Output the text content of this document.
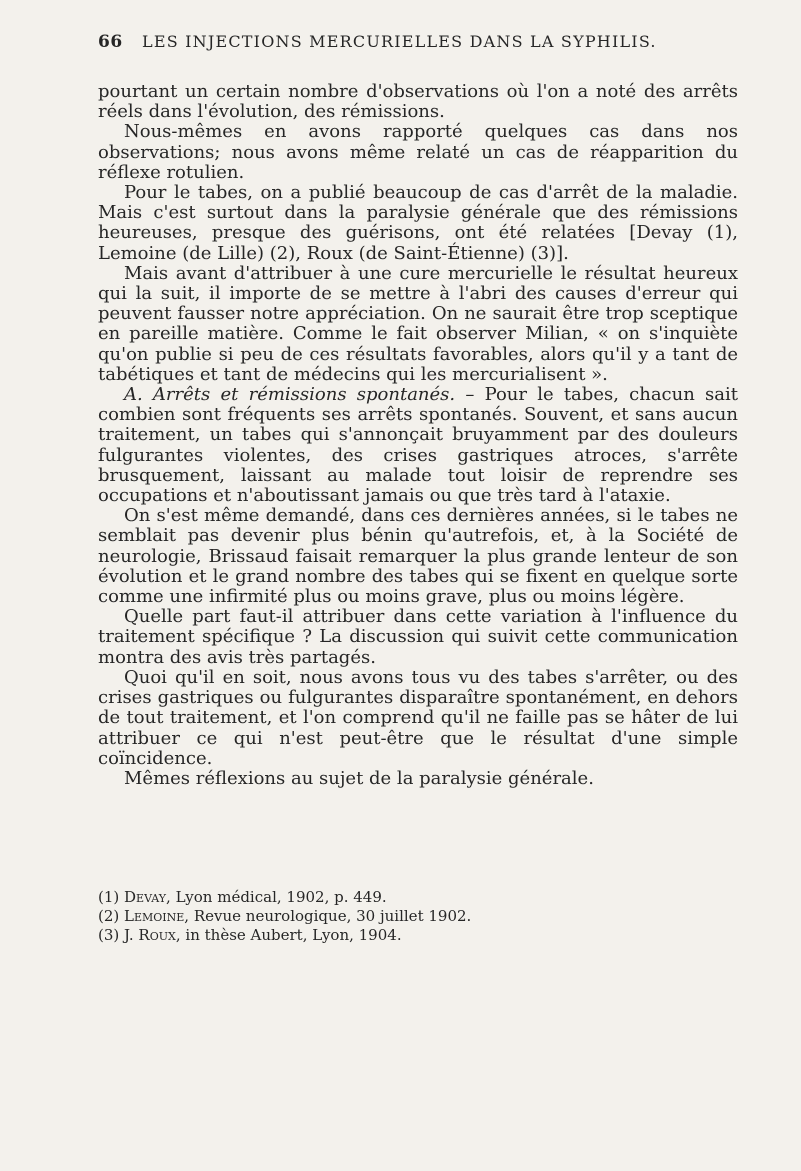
66 LES INJECTIONS MERCURIELLES DANS LA SYPHILIS.

pourtant un certain nombre d'observations où l'on a noté des arrêts réels dans l'évolution, des rémissions.

Nous-mêmes en avons rapporté quelques cas dans nos observations; nous avons même relaté un cas de réapparition du réflexe rotulien.

Pour le tabes, on a publié beaucoup de cas d'arrêt de la maladie. Mais c'est surtout dans la paralysie générale que des rémissions heureuses, presque des guérisons, ont été relatées [Devay (1), Lemoine (de Lille) (2), Roux (de Saint-Étienne) (3)].

Mais avant d'attribuer à une cure mercurielle le résultat heureux qui la suit, il importe de se mettre à l'abri des causes d'erreur qui peuvent fausser notre appréciation. On ne saurait être trop sceptique en pareille matière. Comme le fait observer Milian, « on s'inquiète qu'on publie si peu de ces résultats favorables, alors qu'il y a tant de tabétiques et tant de médecins qui les mercurialisent ».

A. Arrêts et rémissions spontanés. – Pour le tabes, chacun sait combien sont fréquents ses arrêts spontanés. Souvent, et sans aucun traitement, un tabes qui s'annonçait bruyamment par des douleurs fulgurantes violentes, des crises gastriques atroces, s'arrête brusquement, laissant au malade tout loisir de reprendre ses occupations et n'aboutissant jamais ou que très tard à l'ataxie.

On s'est même demandé, dans ces dernières années, si le tabes ne semblait pas devenir plus bénin qu'autrefois, et, à la Société de neurologie, Brissaud faisait remarquer la plus grande lenteur de son évolution et le grand nombre des tabes qui se fixent en quelque sorte comme une infirmité plus ou moins grave, plus ou moins légère.

Quelle part faut-il attribuer dans cette variation à l'influence du traitement spécifique ? La discussion qui suivit cette communication montra des avis très partagés.

Quoi qu'il en soit, nous avons tous vu des tabes s'arrêter, ou des crises gastriques ou fulgurantes disparaître spontanément, en dehors de tout traitement, et l'on comprend qu'il ne faille pas se hâter de lui attribuer ce qui n'est peut-être que le résultat d'une simple coïncidence.

Mêmes réflexions au sujet de la paralysie générale.

(1) Devay, Lyon médical, 1902, p. 449.
(2) Lemoine, Revue neurologique, 30 juillet 1902.
(3) J. Roux, in thèse Aubert, Lyon, 1904.
